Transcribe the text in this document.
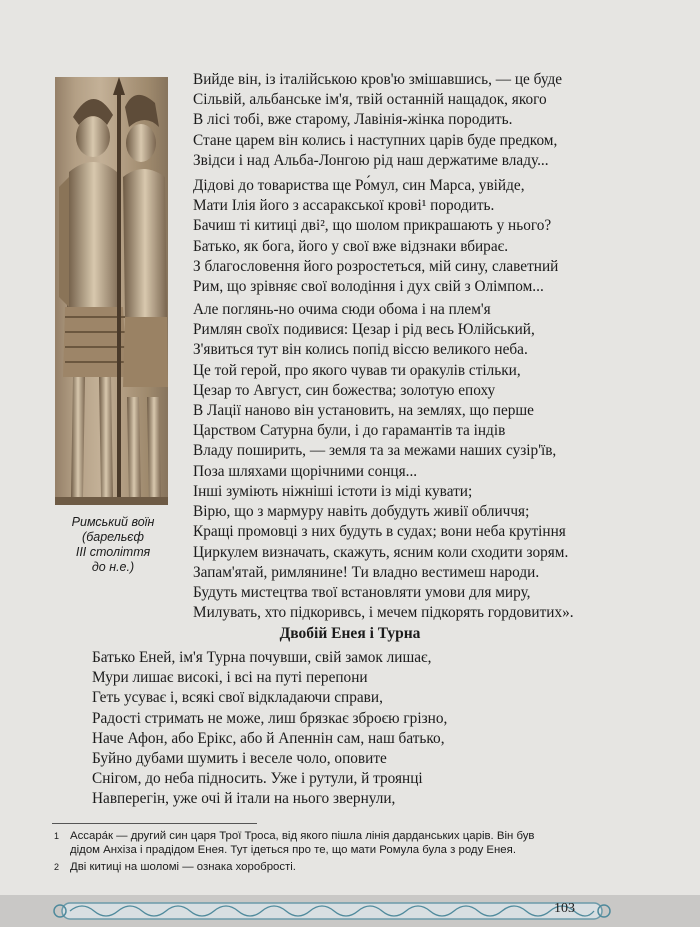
Римський воїн
(барельєф
III століття
до н.е.)
Вийде він, із італійською кров'ю змішавшись, — це буде
Сільвій, альбанське ім'я, твій останній нащадок, якого
В лісі тобі, вже старому, Лавінія-жінка породить.
Стане царем він колись і наступних царів буде предком,
Звідси і над Альба-Лонгою рід наш держатиме владу...
Дідові до товариства ще Ро́мул, син Марса, увійде,
Мати Ілія його з ассаракської крові¹ породить.
Бачиш ті китиці дві², що шолом прикрашають у нього?
Батько, як бога, його у свої вже відзнаки вбирає.
З благословення його розростеться, мій сину, славетний
Рим, що зрівняє свої володіння і дух свій з Олімпом...
Але поглянь-но очима сюди обома і на плем'я
Римлян своїх подивися: Цезар і рід весь Юлійський,
З'явиться тут він колись попід віссю великого неба.
Це той герой, про якого чував ти оракулів стільки,
Цезар то Август, син божества; золотую епоху
В Лації наново він установить, на землях, що перше
Царством Сатурна були, і до гарамантів та індів
Владу поширить, — земля та за межами наших сузір'їв,
Поза шляхами щорічними сонця...
Інші зуміють ніжніші істоти із міді кувати;
Вірю, що з мармуру навіть добудуть живії обличчя;
Кращі промовці з них будуть в судах; вони неба крутіння
Циркулем визначать, скажуть, ясним коли сходити зорям.
Запам'ятай, римлянине! Ти владно вестимеш народи.
Будуть мистецтва твої встановляти умови для миру,
Милувать, хто підкоривсь, і мечем підкорять гордовитих».
Двобій Енея і Турна
Батько Еней, ім'я Турна почувши, свій замок лишає,
Мури лишає високі, і всі на путі перепони
Геть усуває і, всякі свої відкладаючи справи,
Радості стримать не може, лиш брязкає зброєю грізно,
Наче Афон, або Ерікс, або й Апеннін сам, наш батько,
Буйно дубами шумить і веселе чоло, оповите
Снігом, до неба підносить. Уже і рутули, й троянці
Навперегін, уже очі й італи на нього звернули,
1 Ассара́к — другий син царя Трої Троса, від якого пішла лінія дарданських царів. Він був
дідом Анхіза і прадідом Енея. Тут ідеться про те, що мати Ромула була з роду Енея.
2 Дві китиці на шоломі — ознака хоробрості.
103
